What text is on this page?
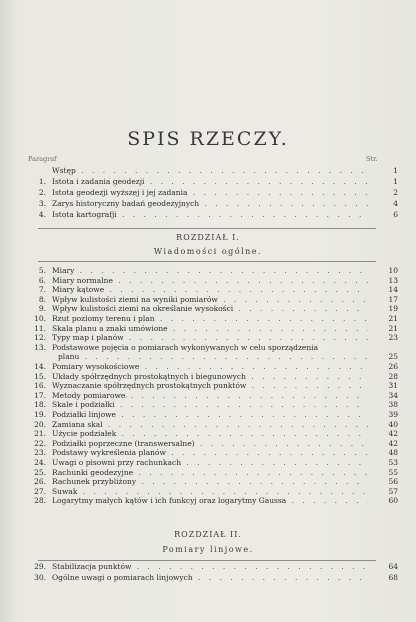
SPIS RZECZY.
Paragraf	Str.
Wstęp . . .	1
1. Istota i zadania geodezji . . .	1
2. Istota geodezji wyższej i jej zadania . . .	2
3. Zarys historyczny badań geodezyjnych . . .	4
4. Istota kartografji . . .	6
ROZDZIAŁ I.
Wiadomości ogólne.
5. Miary . . .	10
6. Miary normalne . . .	13
7. Miary kątowe . . .	14
8. Wpływ kulistości ziemi na wyniki pomiarów . . .	17
9. Wpływ kulistości ziemi na określanie wysokości . . .	19
10. Rzut poziomy terenu i plan . . .	21
11. Skala planu a znaki umówione . . .	21
12. Typy map i planów . . .	23
13. Podstawowe pojęcia o pomiarach wykonywanych w celu sporządzenia
planu . . .	25
14. Pomiary wysokościowe . . .	26
15. Układy spółrzędnych prostokątnych i biegunowych . . .	28
16. Wyznaczanie spółrzędnych prostokątnych punktów . . .	31
17. Metody pomiarowe . . .	34
18. Skale i podziałki . . .	38
19. Podziałki linjowe . . .	39
20. Zamiana skal . . .	40
21. Użycie podziałek . . .	42
22. Podziałki poprzeczne (transwersalne) . . .	42
23. Podstawy wykreślenia planów . . .	48
24. Uwagi o pisowni przy rachunkach . . .	53
25. Rachunki geodezyjne . . .	55
26. Rachunek przybliżony . . .	56
27. Suwak . . .	57
28. Logarytmy małych kątów i ich funkcyj oraz logarytmy Gaussa . . .	60
ROZDZIAŁ II.
Pomiary linjowe.
29. Stabilizacja punktów . . .	64
30. Ogólne uwagi o pomiarach linjowych . . .	68
